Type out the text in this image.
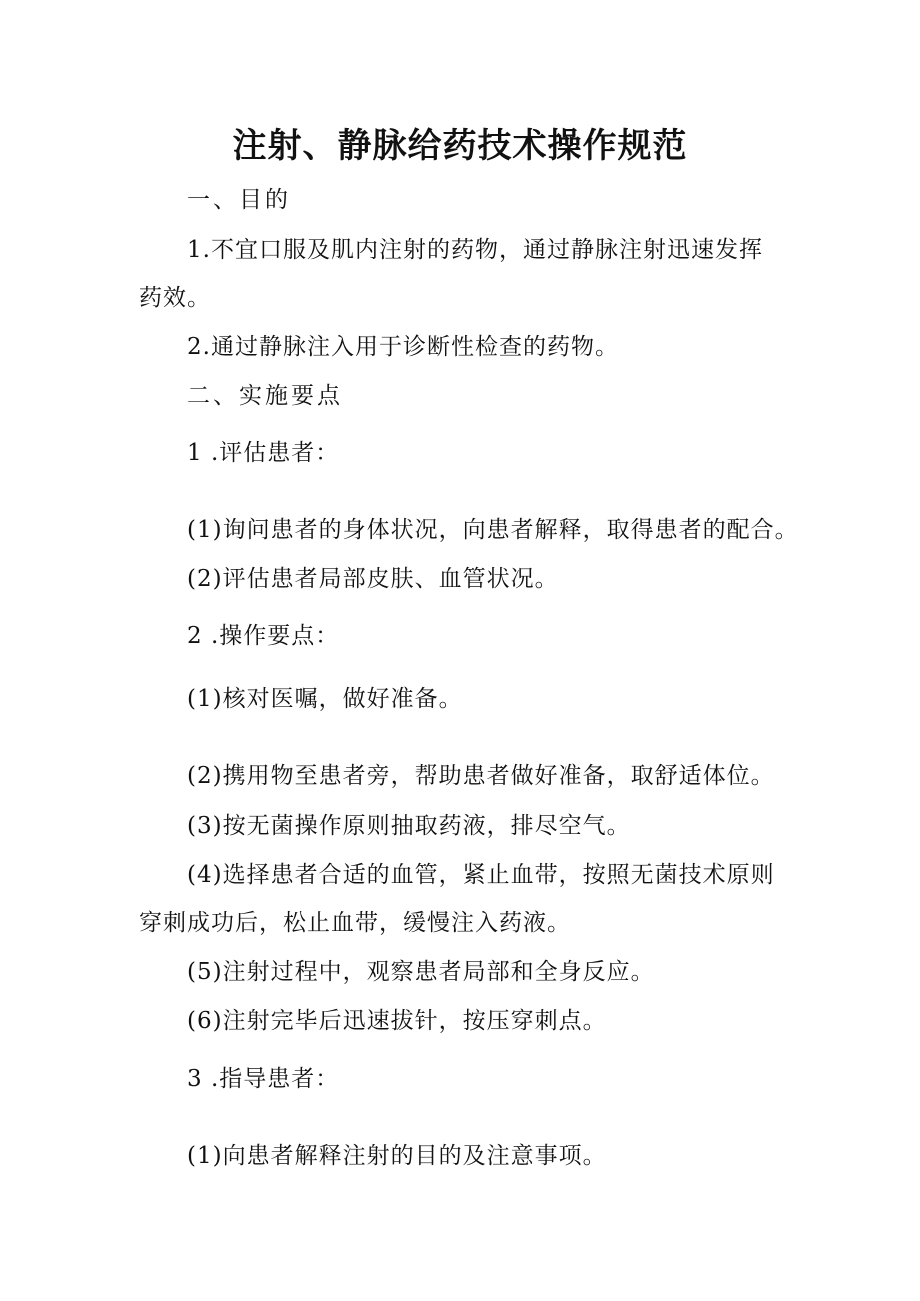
注射、静脉给药技术操作规范
一、目的
1.不宜口服及肌内注射的药物，通过静脉注射迅速发挥
药效。
2.通过静脉注入用于诊断性检查的药物。
二、实施要点
1 .评估患者：
(1)询问患者的身体状况，向患者解释，取得患者的配合。
(2)评估患者局部皮肤、血管状况。
2 .操作要点：
(1)核对医嘱，做好准备。
(2)携用物至患者旁，帮助患者做好准备，取舒适体位。
(3)按无菌操作原则抽取药液，排尽空气。
(4)选择患者合适的血管，紧止血带，按照无菌技术原则
穿刺成功后，松止血带，缓慢注入药液。
(5)注射过程中，观察患者局部和全身反应。
(6)注射完毕后迅速拔针，按压穿刺点。
3 .指导患者：
(1)向患者解释注射的目的及注意事项。
